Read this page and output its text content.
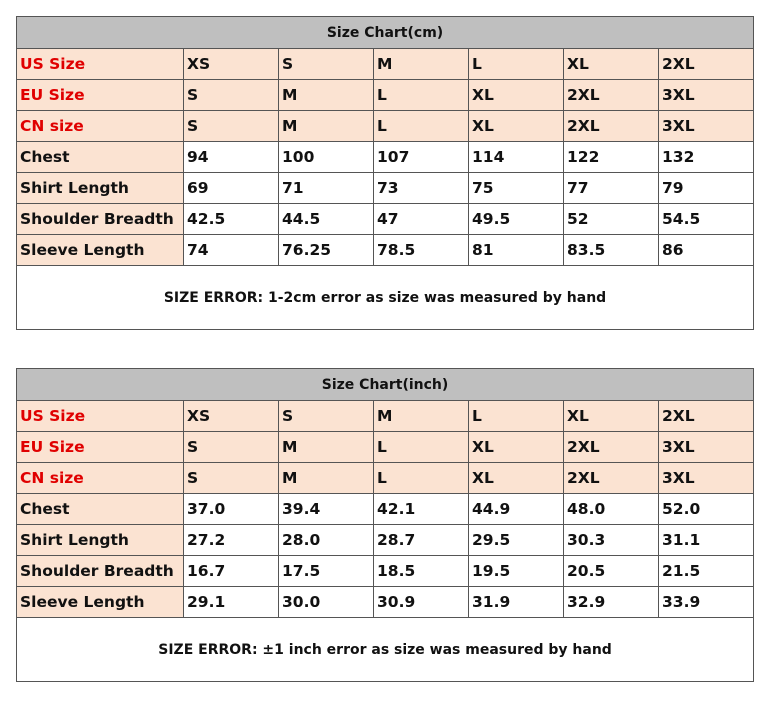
Size Chart(cm)						
US Size	XS	S	M	L	XL	2XL
EU Size	S	M	L	XL	2XL	3XL
CN size	S	M	L	XL	2XL	3XL
Chest	94	100	107	114	122	132
Shirt Length	69	71	73	75	77	79
Shoulder Breadth	42.5	44.5	47	49.5	52	54.5
Sleeve Length	74	76.25	78.5	81	83.5	86
SIZE ERROR: 1-2cm error as size was measured by hand						
Size Chart(inch)						
US Size	XS	S	M	L	XL	2XL
EU Size	S	M	L	XL	2XL	3XL
CN size	S	M	L	XL	2XL	3XL
Chest	37.0	39.4	42.1	44.9	48.0	52.0
Shirt Length	27.2	28.0	28.7	29.5	30.3	31.1
Shoulder Breadth	16.7	17.5	18.5	19.5	20.5	21.5
Sleeve Length	29.1	30.0	30.9	31.9	32.9	33.9
SIZE ERROR: ±1 inch error as size was measured by hand						
